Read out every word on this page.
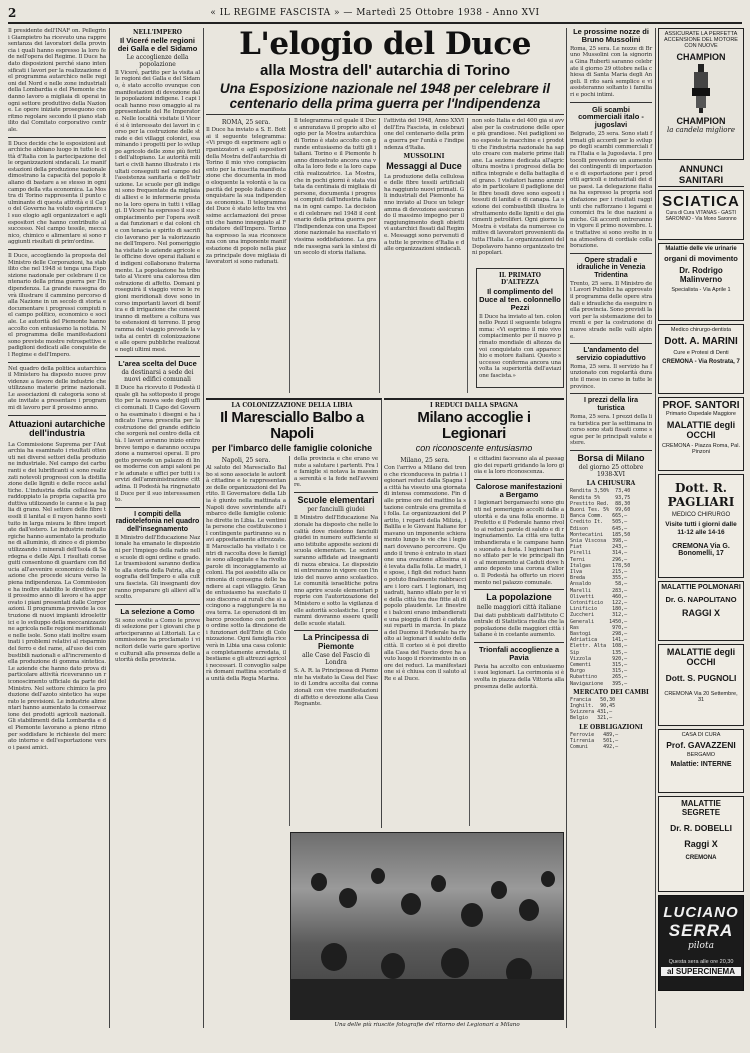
2	« IL REGIME FASCISTA » — Martedì 25 Ottobre 1938 - Anno XVI
Il presidente dell'INAF on. Pellegrini Giampietro ha ricevuto una rappresentanza dei lavoratori della provincia i quali hanno espresso la loro fede nell'opera del Regime. Il Duce ha dato disposizioni perché siano intensificati i lavori per la realizzazione del programma autarchico nelle regioni del Nord e nelle zone industriali della Lombardia e del Piemonte che danno lavoro a migliaia di operai in ogni settore produttivo della Nazione. Le opere iniziate proseguono con ritmo regolare secondo il piano stabilito dal Comitato corporativo centrale.
Il Duce decide che le esposizioni autarchiche abbiano luogo in tutte le città d'Italia con la partecipazione delle organizzazioni sindacali. Le manifestazioni della produzione nazionale dimostrano la capacità del popolo italiano di bastare a se stesso in ogni campo della vita economica. La Mostra di Torino rappresenta il punto culminante di questa attività e il Capo del Governo ha voluto esprimere il suo elogio agli organizzatori e agli espositori che hanno contribuito al successo. Nel campo tessile, meccanico, chimico e alimentare si sono raggiunti risultati di prim'ordine.
Il Duce, accogliendo la proposta del Ministro delle Corporazioni, ha stabilito che nel 1948 si tenga una Esposizione nazionale per celebrare il centenario della prima guerra per l'Indipendenza. La grande rassegna dovrà illustrare il cammino percorso dalla Nazione in un secolo di storia e documentare i progressi compiuti nel campo politico, economico e sociale. Le autorità del Piemonte hanno accolto con entusiasmo la notizia. Nel programma delle manifestazioni sono previste mostre retrospettive e padiglioni dedicati alle conquiste del Regime e dell'Impero.
Nel quadro della politica autarchica il Ministero ha disposto nuove provvidenze a favore delle industrie che utilizzano materie prime nazionali. Le associazioni di categoria sono state invitate a presentare i programmi di lavoro per il prossimo anno.
Attuazioni autarchiche dell'industria
La Commissione Suprema per l'Autarchia ha esaminato i risultati ottenuti nei diversi settori della produzione industriale. Nel campo dei carburanti e dei lubrificanti si sono realizzati notevoli progressi con la distillazione delle ligniti e delle rocce asfaltiche. L'industria della cellulosa ha raddoppiato la propria capacità produttiva utilizzando le canne e la paglia di grano. Nel settore delle fibre tessili il lanital e il rayon hanno sostituito in larga misura le fibre importate dall'estero. Le industrie metallurgiche hanno aumentato la produzione di alluminio, di zinco e di piombo utilizzando i minerali dell'Isola di Sardegna e delle Alpi. I risultati conseguiti consentono di guardare con fiducia all'avvenire economico della Nazione che procede sicura verso la piena indipendenza. La Commissione ha inoltre stabilito le direttive per il prossimo anno di lavoro e ha approvato i piani presentati dalle Corporazioni. Il programma prevede la costruzione di nuovi impianti idroelettrici e lo sviluppo della meccanizzazione agricola nelle regioni meridionali e nelle isole. Sono stati inoltre esaminati i problemi relativi al risparmio del ferro e del rame, all'uso dei combustibili nazionali e all'incremento della produzione di gomma sintetica. Le aziende che hanno dato prova di particolare attività riceveranno un riconoscimento ufficiale da parte del Ministro. Nel settore chimico la produzione dell'azoto sintetico ha superato le previsioni. Le industrie alimentari hanno aumentato la conservazione dei prodotti agricoli nazionali. Gli stabilimenti della Lombardia e del Piemonte lavorano a pieno ritmo per soddisfare le richieste del mercato interno e dell'esportazione verso i paesi amici.
NELL'IMPERO
Il Viceré nelle regioni dei Galla e del Sidamo
Le accoglienze della popolazione
Il Viceré, partito per la visita alle regioni dei Galla e del Sidamo, è stato accolto ovunque con manifestazioni di devozione dalle popolazioni indigene. I capi locali hanno reso omaggio al rappresentante del Re Imperatore. Nelle località visitate il Viceré si è interessato dei lavori in corso per la costruzione delle strade e dei villaggi colonici, esaminando i progetti per lo sviluppo agricolo delle zone più fertili dell'altopiano. Le autorità militari e civili hanno illustrato i risultati conseguiti nel campo dell'assistenza sanitaria e dell'istruzione. Le scuole per gli indigeni sono frequentate da migliaia di allievi e le infermerie prestano la loro opera in tutti i villaggi. Il Viceré ha espresso il suo compiacimento per l'opera svolta dai funzionari e dai coloni che con tenacia e spirito di sacrificio lavorano per la valorizzazione dell'Impero. Nel pomeriggio ha visitato le aziende agricole e le officine dove operai italiani ed indigeni collaborano fraternamente. La popolazione ha tributato al Viceré una calorosa dimostrazione di affetto. Domani proseguirà il viaggio verso le regioni meridionali dove sono in corso importanti lavori di bonifica e di irrigazione che consentiranno di mettere a coltura vaste estensioni di terreno. Il programma del viaggio prevede la visita ai centri di colonizzazione e alle opere pubbliche realizzate negli ultimi mesi.
L'area scelta del Duce
da destinarsi a sede dei nuovi edifici comunali
Il Duce ha ricevuto il Podestà il quale gli ha sottoposto il progetto per la nuova sede degli uffici comunali. Il Capo del Governo ha esaminato i disegni e ha indicato l'area prescelta per la costruzione del grande edificio che sorgerà nel centro della città. I lavori avranno inizio entro breve tempo e daranno occupazione a numerosi operai. Il progetto prevede un palazzo di linee moderne con ampi saloni per le adunate e uffici per tutti i servizi dell'amministrazione cittadina. Il Podestà ha ringraziato il Duce per il suo interessamento.
I compiti della radiotelefonia nel quadro dell'insegnamento
Il Ministro dell'Educazione Nazionale ha emanato le disposizioni per l'impiego della radio nelle scuole di ogni ordine e grado. Le trasmissioni saranno dedicate alla storia della Patria, alla geografia dell'Impero e alla cultura fascista. Gli insegnanti dovranno preparare gli allievi all'ascolto.
La selezione a Como
Si sono svolte a Como le prove di selezione per i giovani che parteciperanno ai Littoriali. La commissione ha proclamato i vincitori delle varie gare sportive e culturali alla presenza delle autorità della provincia.
L'elogio del Duce
alla Mostra dell' autarchia di Torino
Una Esposizione nazionale nel 1948 per celebrare il centenario della prima guerra per l'Indipendenza
ROMA, 25 sera.
Il Duce ha inviato a S. E. Bottai il seguente telegramma: «Vi prego di esprimere agli organizzatori e agli espositori della Mostra dell'autarchia di Torino il mio vivo compiacimento per la riuscita manifestazione che documenta in modo eloquente la volontà e la capacità del popolo italiano di conquistare la sua indipendenza economica. Il telegramma del Duce è stato letto tra vivissime acclamazioni dei presenti che hanno inneggiato al Fondatore dell'Impero. Torino ha espresso la sua riconoscenza con una imponente manifestazione di popolo nella piazza principale dove migliaia di lavoratori si sono radunati.
Il telegramma col quale il Duce annunziava il proprio alto elogio per la Mostra autarchica di Torino è stato accolto con grande entusiasmo da tutti gli italiani. Torino e il Piemonte hanno dimostrato ancora una volta la loro fede e la loro capacità realizzatrice. La Mostra, che in pochi giorni è stata visitata da centinaia di migliaia di persone, documenta i progressi compiuti dall'industria italiana in ogni campo. La decisione di celebrare nel 1948 il centenario della prima guerra per l'Indipendenza con una Esposizione nazionale ha suscitato vivissima soddisfazione. La grande rassegna sarà la sintesi di un secolo di storia italiana.
l'attività del 1948, Anno XXVI dell'Era Fascista, in celebrazione del centenario della prima guerra per l'unità e l'indipendenza d'Italia.
MUSSOLINI
Messaggi al Duce
La produzione della cellulosa e delle fibre tessili artificiali ha raggiunto nuovi primati. Gli industriali del Piemonte hanno inviato al Duce un telegramma di devozione assicurando il massimo impegno per il raggiungimento degli obiettivi autarchici fissati dal Regime. Messaggi sono pervenuti da tutte le province d'Italia e dalle organizzazioni sindacali.
non solo Italia e del 400 già si avvalse per la costruzione delle opere più grandiose. Nei padiglioni sono esposte le macchine e i prodotti che l'industria nazionale ha saputo creare con materie prime italiane. La sezione dedicata all'agricoltura mostra i progressi della bonifica integrale e della battaglia del grano. I visitatori hanno ammirato in particolare il padiglione delle fibre tessili dove sono esposti i tessuti di lanital e di canapa. La sezione dei combustibili illustra lo sfruttamento delle ligniti e dei giacimenti petroliferi. Ogni giorno la Mostra è visitata da numerose comitive di lavoratori provenienti da tutta l'Italia. Le organizzazioni del Dopolavoro hanno organizzato treni popolari.
IL PRIMATO D'ALTEZZA
Il complimento del Duce al ten. colonnello Pezzi
Il Duce ha inviato al ten. colonnello Pezzi il seguente telegramma: «Vi esprimo il mio vivo compiacimento per il nuovo primato mondiale di altezza da voi conquistato con apparecchio e motore italiani. Questo successo conferma ancora una volta la superiorità dell'aviazione fascista.»
LA COLONIZZAZIONE DELLA LIBIA
Il Maresciallo Balbo a Napoli
per l'imbarco delle famiglie coloniche
Napoli, 25 sera.
Al saluto del Maresciallo Balbo si sono associate le autorità cittadine e le rappresentanze delle organizzazioni del Partito. Il Governatore della Libia è giunto nella mattinata a Napoli dove sovrintende all'imbarco delle famiglie coloniche dirette in Libia. Le ventimila persone che costituiscono il contingente partiranno su navi appositamente attrezzate. Il Maresciallo ha visitato i centri di raccolta dove le famiglie sono alloggiate e ha rivolto parole di incoraggiamento ai coloni. Ha poi assistito alla cerimonia di consegna delle bandiere ai capi villaggio. Grande entusiasmo ha suscitato il suo discorso ai rurali che si accingono a raggiungere la nuova terra. Le operazioni di imbarco procedono con perfetto ordine sotto la direzione dei funzionari dell'Ente di Colonizzazione. Ogni famiglia riceverà in Libia una casa colonica completamente arredata, il bestiame e gli attrezzi agricoli necessari. Il convoglio salperà domani mattina scortato da unità della Regia Marina.
della provincia e che erano venute a salutare i partenti. Fra le famiglie si notava la massima serenità e la fede nell'avvenire.
Scuole elementari
per fanciulli giudei
Il Ministro dell'Educazione Nazionale ha disposto che nelle località dove risiedono fanciulli giudei in numero sufficiente siano istituite apposite sezioni di scuola elementare. Le sezioni saranno affidate ad insegnanti di razza ebraica. Le disposizioni entreranno in vigore con l'inizio del nuovo anno scolastico. Le comunità israelitiche potranno aprire scuole elementari proprie con l'autorizzazione del Ministero e sotto la vigilanza delle autorità scolastiche. I programmi dovranno essere quelli delle scuole statali.
La Principessa di Piemonte
alle Case del Fascio di Londra
S. A. R. la Principessa di Piemonte ha visitato la Casa del Fascio di Londra accolta dai connazionali con vive manifestazioni di affetto e devozione alla Casa Regnante.
I REDUCI DALLA SPAGNA
Milano accoglie i Legionari
con riconoscente entusiasmo
Milano, 25 sera.
Con l'arrivo a Milano del treno che riconduceva in patria i legionari reduci dalla Spagna la città ha vissuto una giornata di intensa commozione. Fin dalle prime ore del mattino la stazione centrale era gremita di folla. Le organizzazioni del Partito, i reparti della Milizia, i Balilla e le Giovani Italiane formavano un imponente schieramento lungo le vie che i legionari dovevano percorrere. Quando il treno è entrato in stazione una ovazione altissima si è levata dalla folla. Le madri, le spose, i figli dei reduci hanno potuto finalmente riabbracciare i loro cari. I legionari, inquadrati, hanno sfilato per le vie della città tra due fitte ali di popolo plaudente. Le finestre e i balconi erano imbandierati e una pioggia di fiori è caduta sui reparti in marcia. In piazza del Duomo il Federale ha rivolto ai legionari il saluto della città. Il corteo si è poi diretto alla Casa del Fascio dove ha avuto luogo il ricevimento in onore dei reduci. La manifestazione si è chiusa con il saluto al Re e al Duce.
e cittadini facevano ala al passaggio dei reparti gridando la loro gioia e la loro riconoscenza.
Calorose manifestazioni a Bergamo
I legionari bergamaschi sono giunti nel pomeriggio accolti dalle autorità e da una folla enorme. Il Prefetto e il Federale hanno rivolto ai reduci parole di saluto e di ringraziamento. La città era tutta imbandierata e le campane hanno suonato a festa. I legionari hanno sfilato per le vie principali fino al monumento ai Caduti dove hanno deposto una corona d'alloro. Il Podestà ha offerto un ricevimento nel palazzo comunale.
La popolazione
nelle maggiori città italiane
Dai dati pubblicati dall'Istituto Centrale di Statistica risulta che la popolazione delle maggiori città italiane è in costante aumento.
Trionfali accoglienze a Pavia
Pavia ha accolto con entusiasmo i suoi legionari. La cerimonia si è svolta in piazza della Vittoria alla presenza delle autorità.
Una delle più riuscite fotografie del ritorno dei Legionari a Milano
Le prossime nozze di Bruno Mussolini
Roma, 25 sera. Le nozze di Bruno Mussolini con la signorina Gina Ruberti saranno celebrate il giorno 29 ottobre nella chiesa di Santa Maria degli Angeli. Il rito sarà semplice e vi assisteranno soltanto i familiari e pochi intimi.
Gli scambi commerciali italo - jugoslavi
Belgrado, 25 sera. Sono stati firmati gli accordi per lo sviluppo degli scambi commerciali fra l'Italia e la Jugoslavia. I protocolli prevedono un aumento dei contingenti di importazione e di esportazione per i prodotti agricoli e industriali dei due paesi. La delegazione italiana ha espresso la propria soddisfazione per i risultati raggiunti che rafforzano i legami economici fra le due nazioni amiche. Gli accordi entreranno in vigore il primo novembre. Le trattative si sono svolte in una atmosfera di cordiale collaborazione.
Opere stradali e idrauliche in Venezia Tridentina
Trento, 25 sera. Il Ministro dei Lavori Pubblici ha approvato il programma delle opere stradali e idrauliche da eseguire nella provincia. Sono previsti lavori per la sistemazione dei torrenti e per la costruzione di nuove strade nelle valli alpine.
L'andamento del servizio copiaduttivo
Roma, 25 sera. Il servizio ha funzionato con regolarità durante il mese in corso in tutte le province.
I prezzi della lira turistica
Roma, 25 sera. I prezzi della lira turistica per la settimana in corso sono stati fissati come segue per le principali valute estere.
Borsa di Milano
del giorno 25 ottobre 1938-XVI
LA CHIUSURA
Rendita 3,50%  73,40
Rendita 5%     93,75
Prestito Red.  88,30
Buoni Tes. 5%  99,60
Banca Comm.   665,—
Credito It.   505,—
Edison        645,—
Montecatini   185,50
Snia Viscosa  398,—
Fiat          243,—
Pirelli       314,—
Terni         296,—
Italgas       178,50
Ilva          215,—
Breda         355,—
Ansaldo        58,—
Marelli       283,—
Olivetti      460,—
Cotonificio   122,—
Linificio     180,—
Zuccheri      312,—
Generali     1450,—
Ras           970,—
Bastogi       298,—
Adriatica     141,—
Elettr. Alta  108,—
Sip           135,—
Vizzola       920,—
Cementi       315,—
Burgo         315,—
Rubattino     265,—
Navigazione   395,—
MERCATO DEI CAMBI
Francia   50,30
Inghilt.  90,45
Svizzera 431,—
Belgio   321,—
LE OBBLIGAZIONI
Ferrovie   489,—
Tirrenia   501,—
Comuni     492,—
ASSICURATE LA PERFETTA ACCENSIONE DEL MOTORE CON NUOVE
CHAMPION
CHAMPION
la candela migliore
ANNUNCI SANITARI
SCIATICA
Cura di Cura VITANAS - GASTI SARONNO - Via Mono Saronno
Malattie delle vie urinarie
organi di movimento
Dr. Rodrigo Malinverno
Specialista - Via Aprile 1
Medico chirurgo-dentista
Dott. A. MARINI
Cure e Protesi di Denti
CREMONA - Via Rostrata, 7
PROF. SANTORI
Primario Ospedale Maggiore
MALATTIE degli OCCHI
CREMONA - Piazza Roma, Pal. Pinzoni
Dott. R. PAGLIARI
MEDICO CHIRURGO
Visite tutti i giorni dalle 11-12 alle 14-16
CREMONA Via G. Bonomelli, 17
MALATTIE POLMONARI
Dr. G. NAPOLITANO
RAGGI X
MALATTIE degli OCCHI
Dott. S. PUGNOLI
CREMONA Via 20 Settembre, 31
CASA DI CURA
Prof. GAVAZZENI
BERGAMO
Malattie: INTERNE
MALATTIE SEGRETE
Dr. R. DOBELLI
Raggi X
CREMONA
LUCIANO
SERRA
pilota
Questa sera alle ore 20,30
al SUPERCINEMA
